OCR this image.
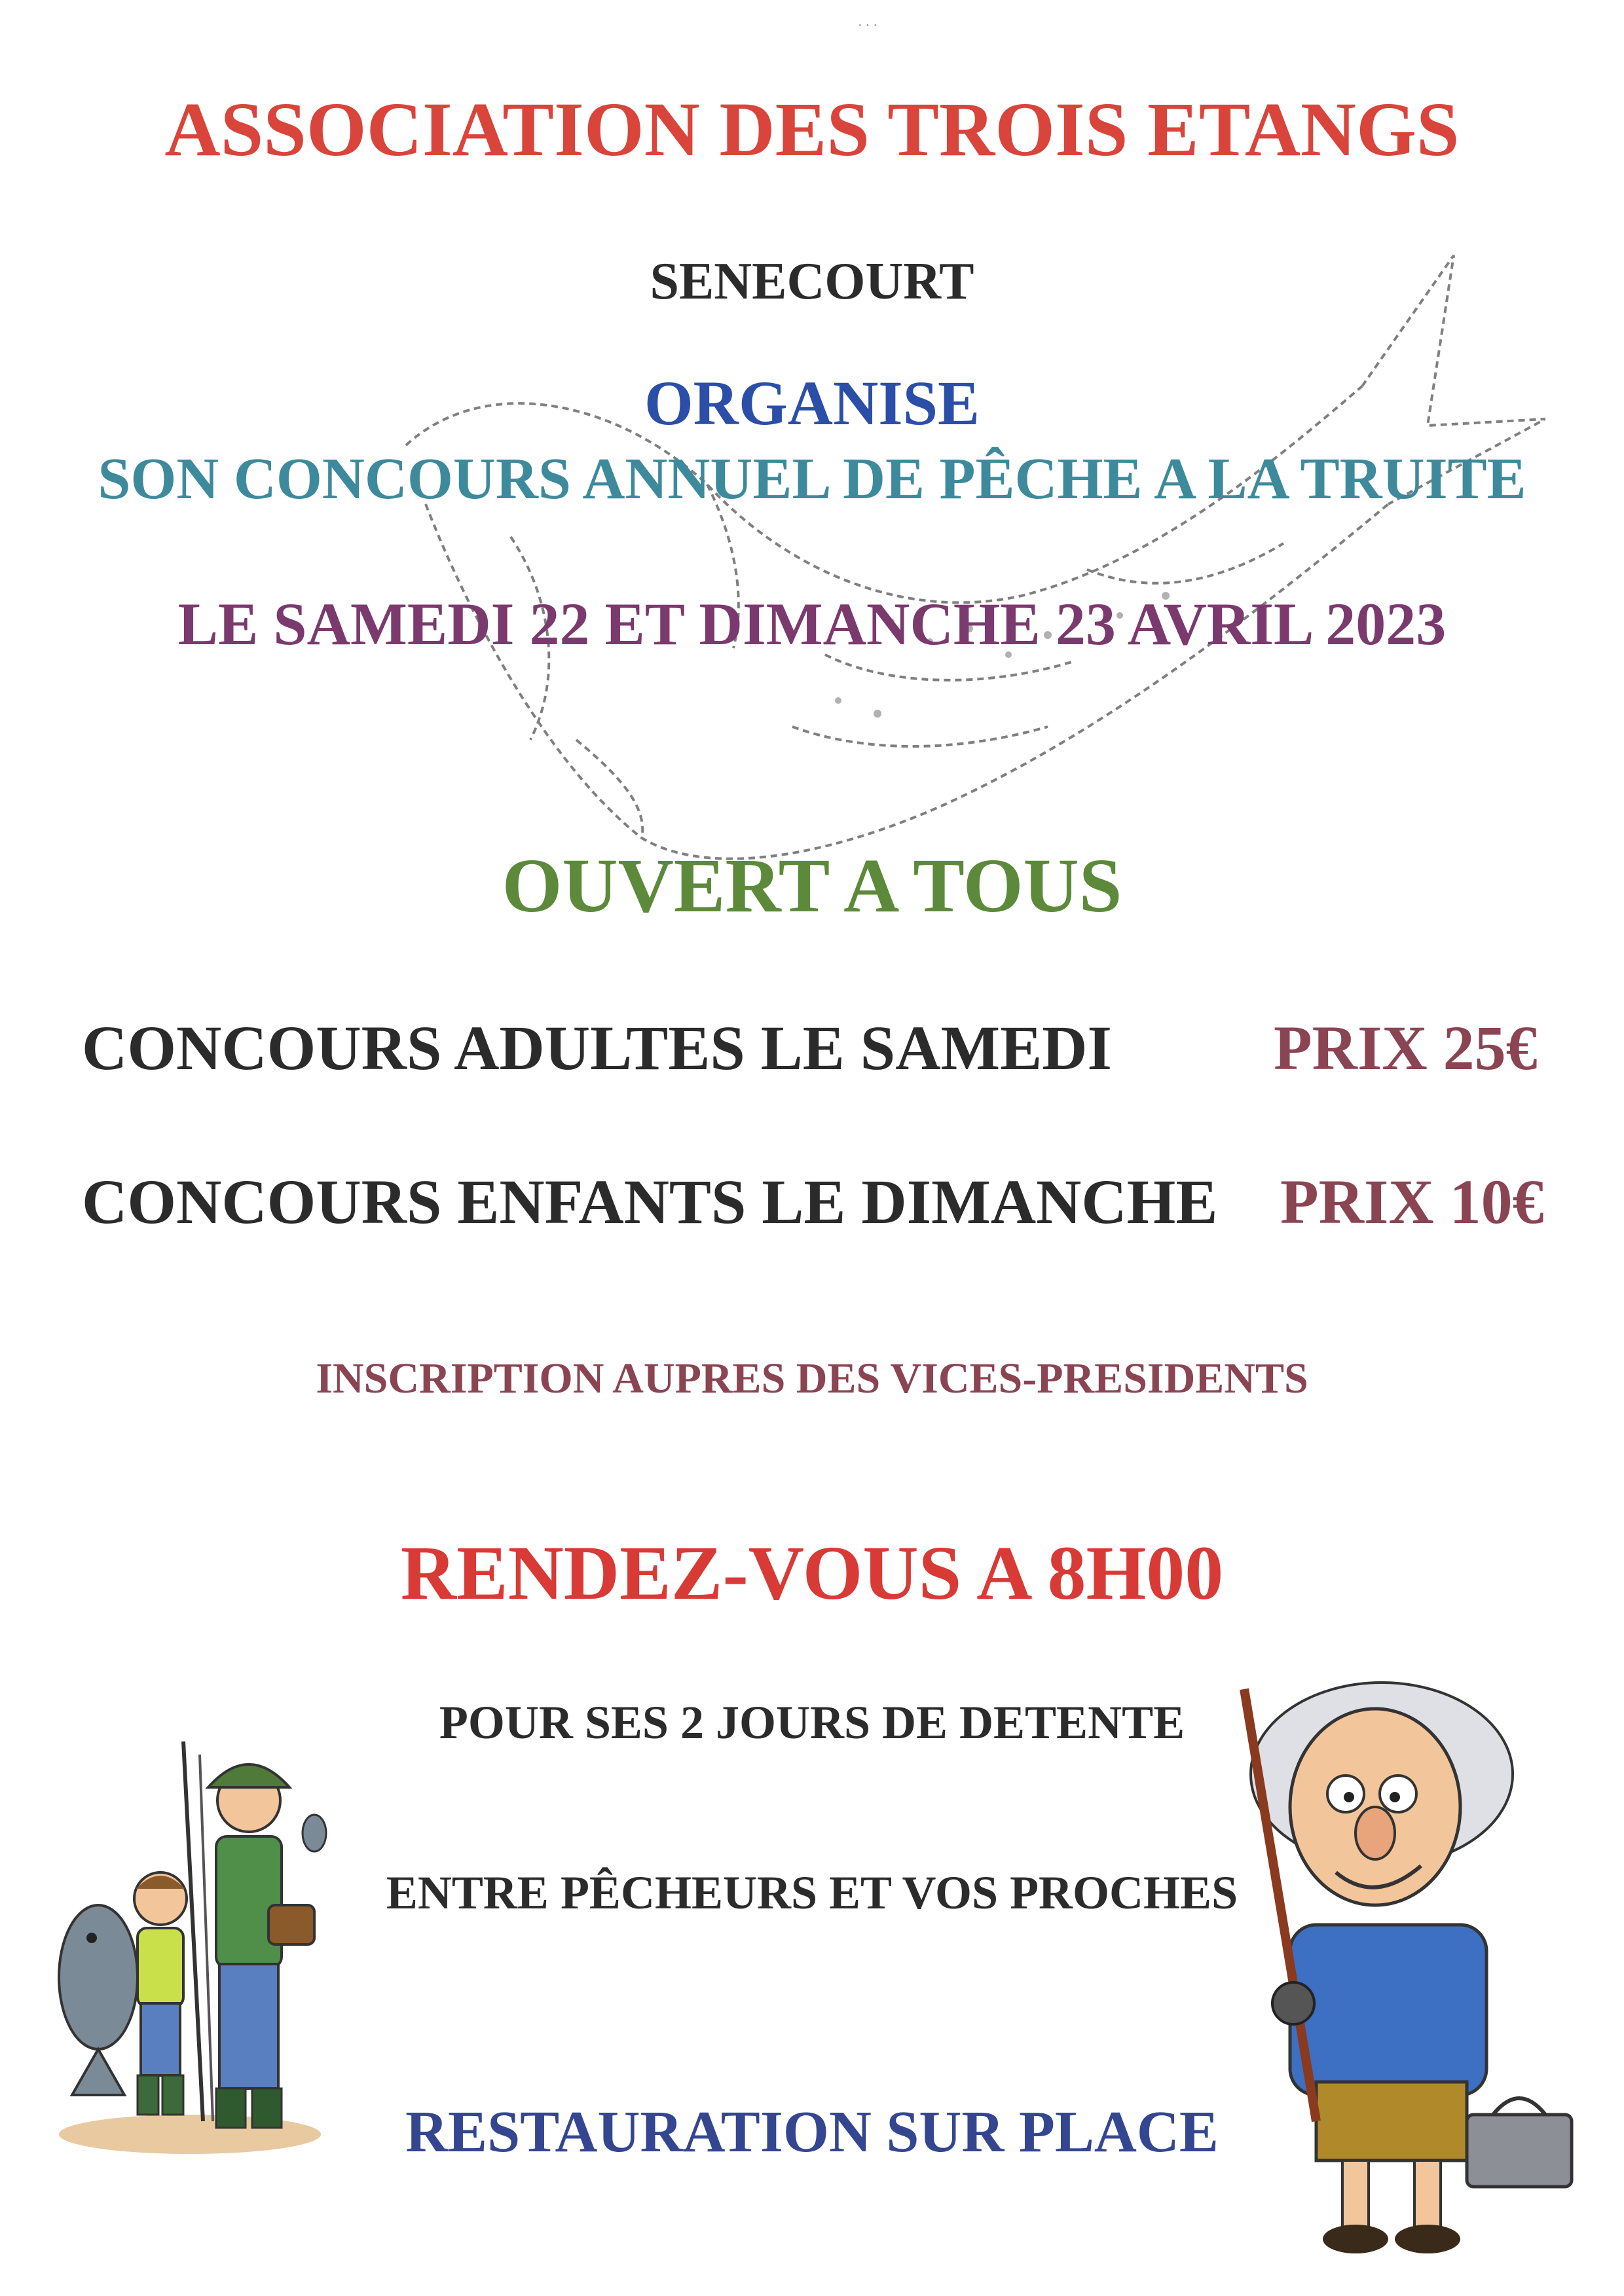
· · ·
ASSOCIATION DES TROIS ETANGS
SENECOURT
ORGANISE
SON CONCOURS ANNUEL DE PÊCHE A LA TRUITE
LE SAMEDI 22 ET DIMANCHE 23 AVRIL 2023
OUVERT A TOUS
CONCOURS ADULTES LE SAMEDI	PRIX 25€
CONCOURS ENFANTS LE DIMANCHE PRIX 10€
INSCRIPTION AUPRES DES VICES-PRESIDENTS
RENDEZ-VOUS A 8H00
POUR SES 2 JOURS DE DETENTE
ENTRE PÊCHEURS ET VOS PROCHES
RESTAURATION SUR PLACE
